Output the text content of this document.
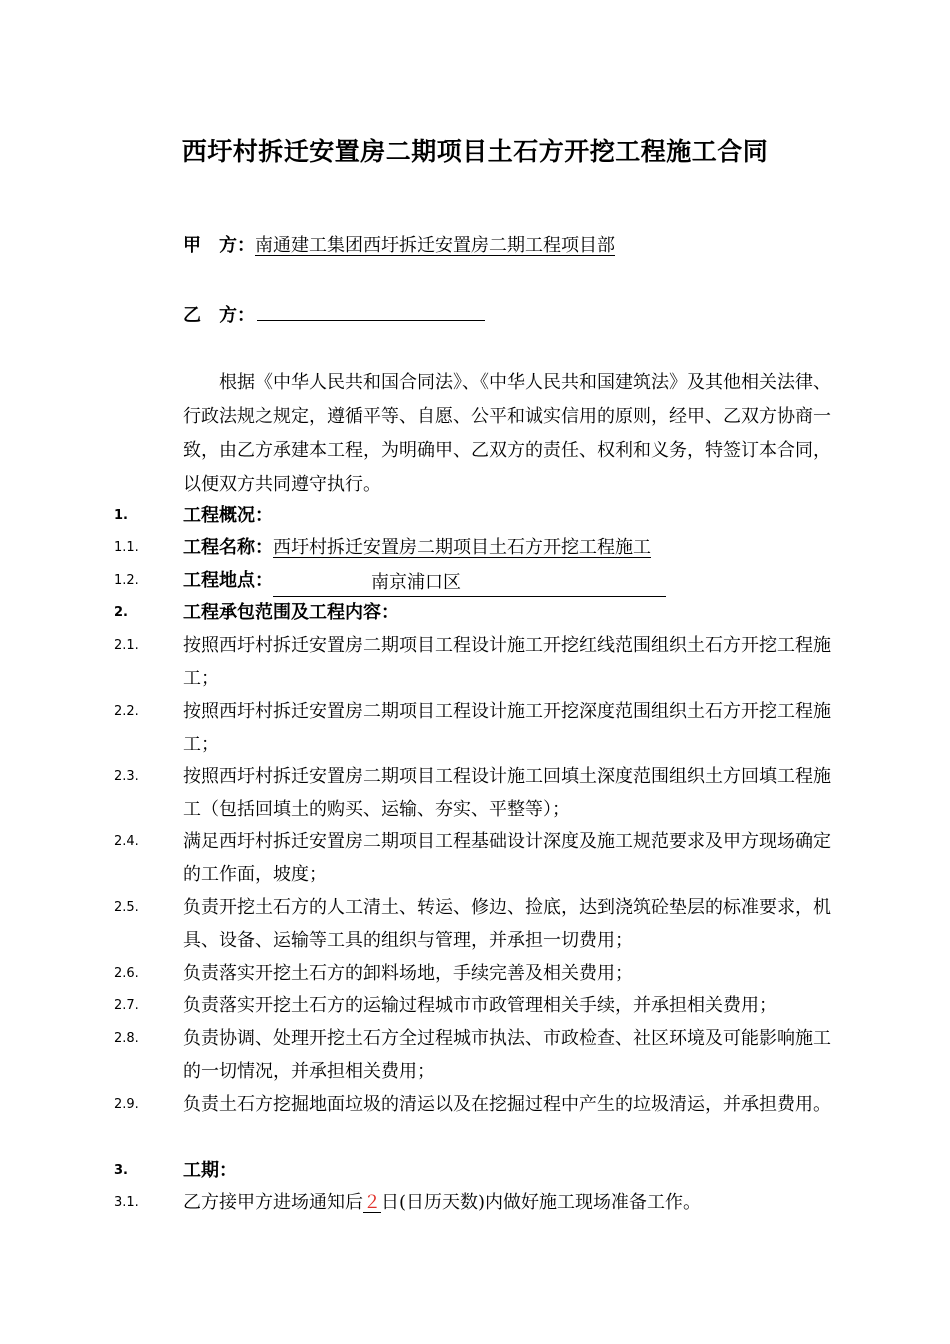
西圩村拆迁安置房二期项目土石方开挖工程施工合同
甲　方：南通建工集团西圩拆迁安置房二期工程项目部
乙　方：

根据《中华人民共和国合同法》、《中华人民共和国建筑法》及其他相关法律、行政法规之规定，遵循平等、自愿、公平和诚实信用的原则，经甲、乙双方协商一致，由乙方承建本工程，为明确甲、乙双方的责任、权利和义务，特签订本合同，以便双方共同遵守执行。

1.	工程概况：
1.1. 工程名称：西圩村拆迁安置房二期项目土石方开挖工程施工
1.2. 工程地点：	南京浦口区
2.	工程承包范围及工程内容：
2.1. 按照西圩村拆迁安置房二期项目工程设计施工开挖红线范围组织土石方开挖工程施工；
2.2. 按照西圩村拆迁安置房二期项目工程设计施工开挖深度范围组织土石方开挖工程施工；
2.3. 按照西圩村拆迁安置房二期项目工程设计施工回填土深度范围组织土方回填工程施工（包括回填土的购买、运输、夯实、平整等）；
2.4. 满足西圩村拆迁安置房二期项目工程基础设计深度及施工规范要求及甲方现场确定的工作面，坡度；
2.5. 负责开挖土石方的人工清土、转运、修边、捡底，达到浇筑砼垫层的标准要求，机具、设备、运输等工具的组织与管理，并承担一切费用；
2.6. 负责落实开挖土石方的卸料场地，手续完善及相关费用；
2.7. 负责落实开挖土石方的运输过程城市市政管理相关手续，并承担相关费用；
2.8. 负责协调、处理开挖土石方全过程城市执法、市政检查、社区环境及可能影响施工的一切情况，并承担相关费用；
2.9. 负责土石方挖掘地面垃圾的清运以及在挖掘过程中产生的垃圾清运，并承担费用。
3.	工期：
3.1. 乙方接甲方进场通知后２日(日历天数)内做好施工现场准备工作。
